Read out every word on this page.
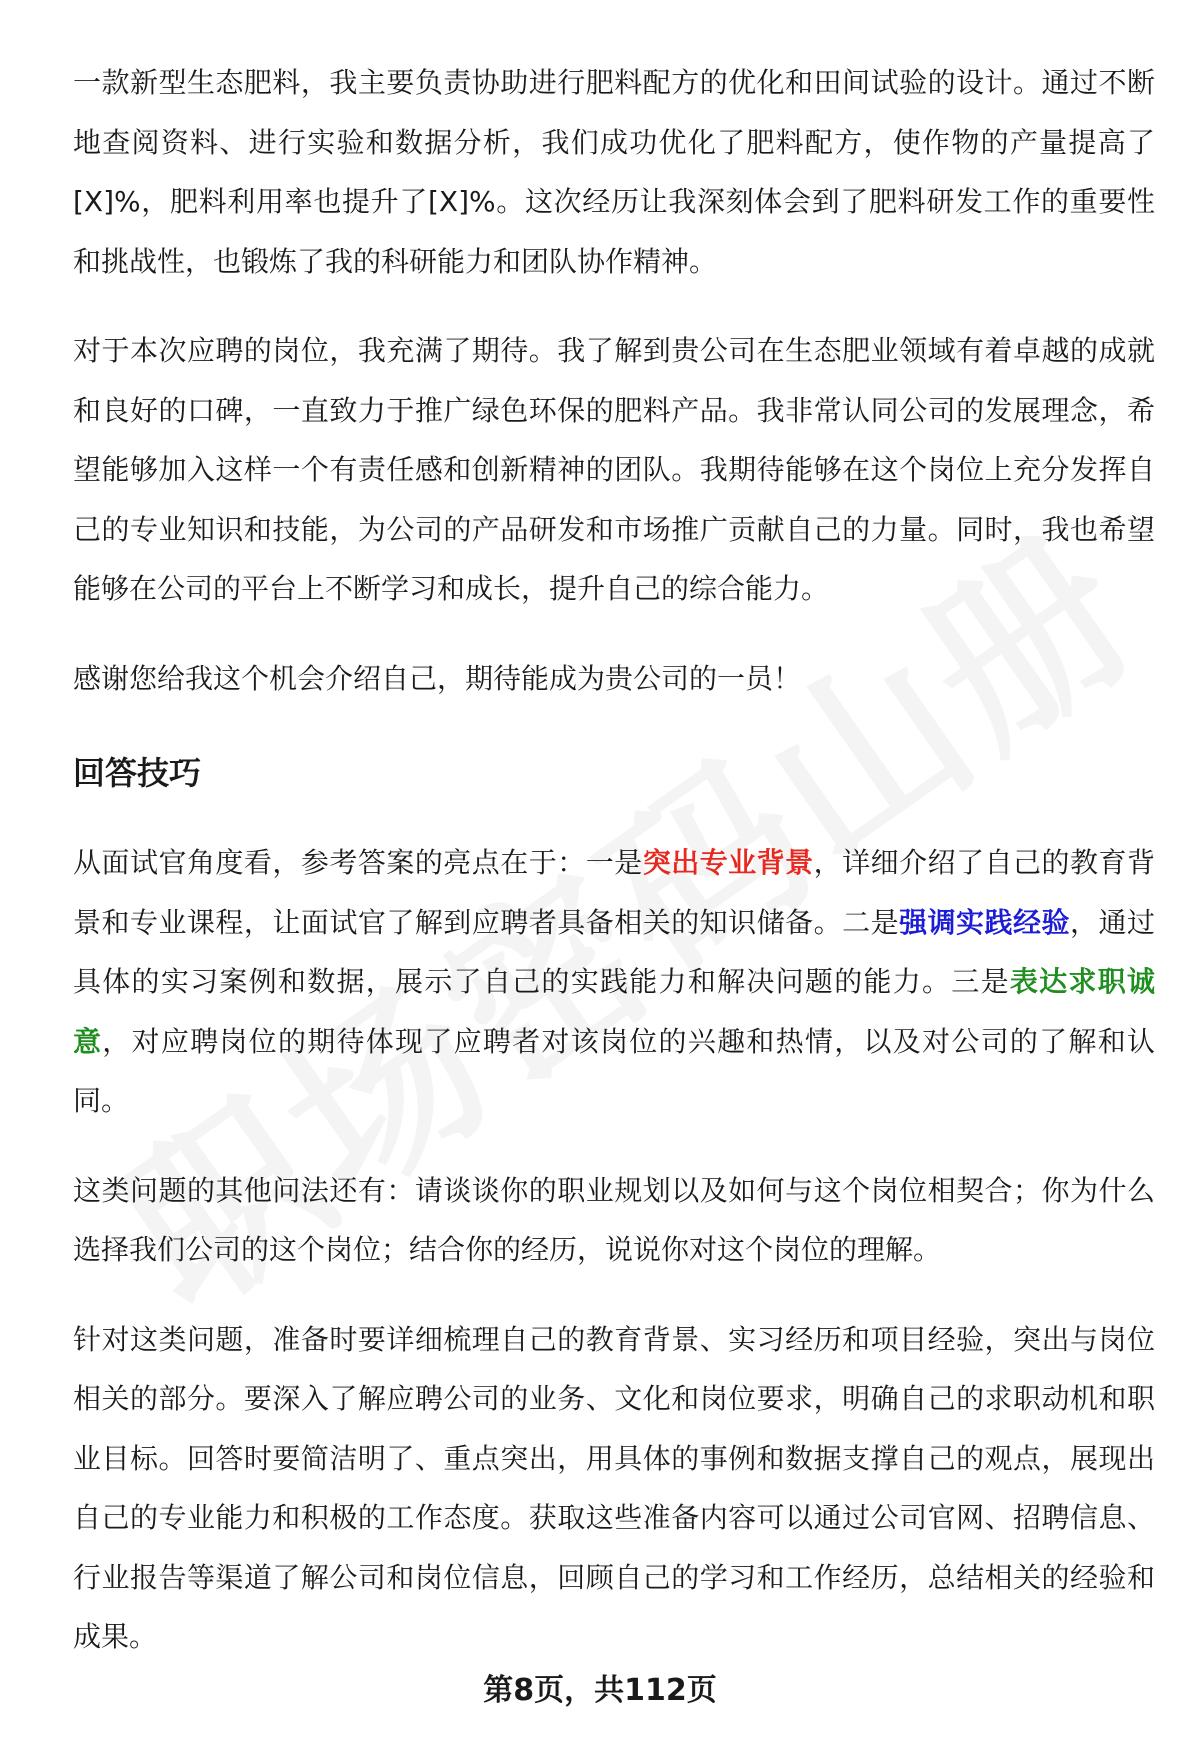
一款新型生态肥料，我主要负责协助进行肥料配方的优化和田间试验的设计。通过不断地查阅资料、进行实验和数据分析，我们成功优化了肥料配方，使作物的产量提高了[X]%，肥料利用率也提升了[X]%。这次经历让我深刻体会到了肥料研发工作的重要性和挑战性，也锻炼了我的科研能力和团队协作精神。

对于本次应聘的岗位，我充满了期待。我了解到贵公司在生态肥业领域有着卓越的成就和良好的口碑，一直致力于推广绿色环保的肥料产品。我非常认同公司的发展理念，希望能够加入这样一个有责任感和创新精神的团队。我期待能够在这个岗位上充分发挥自己的专业知识和技能，为公司的产品研发和市场推广贡献自己的力量。同时，我也希望能够在公司的平台上不断学习和成长，提升自己的综合能力。

感谢您给我这个机会介绍自己，期待能成为贵公司的一员！

回答技巧

从面试官角度看，参考答案的亮点在于：一是突出专业背景，详细介绍了自己的教育背景和专业课程，让面试官了解到应聘者具备相关的知识储备。二是强调实践经验，通过具体的实习案例和数据，展示了自己的实践能力和解决问题的能力。三是表达求职诚意，对应聘岗位的期待体现了应聘者对该岗位的兴趣和热情，以及对公司的了解和认同。

这类问题的其他问法还有：请谈谈你的职业规划以及如何与这个岗位相契合；你为什么选择我们公司的这个岗位；结合你的经历，说说你对这个岗位的理解。

针对这类问题，准备时要详细梳理自己的教育背景、实习经历和项目经验，突出与岗位相关的部分。要深入了解应聘公司的业务、文化和岗位要求，明确自己的求职动机和职业目标。回答时要简洁明了、重点突出，用具体的事例和数据支撑自己的观点，展现出自己的专业能力和积极的工作态度。获取这些准备内容可以通过公司官网、招聘信息、行业报告等渠道了解公司和岗位信息，回顾自己的学习和工作经历，总结相关的经验和成果。

第8页，共112页
